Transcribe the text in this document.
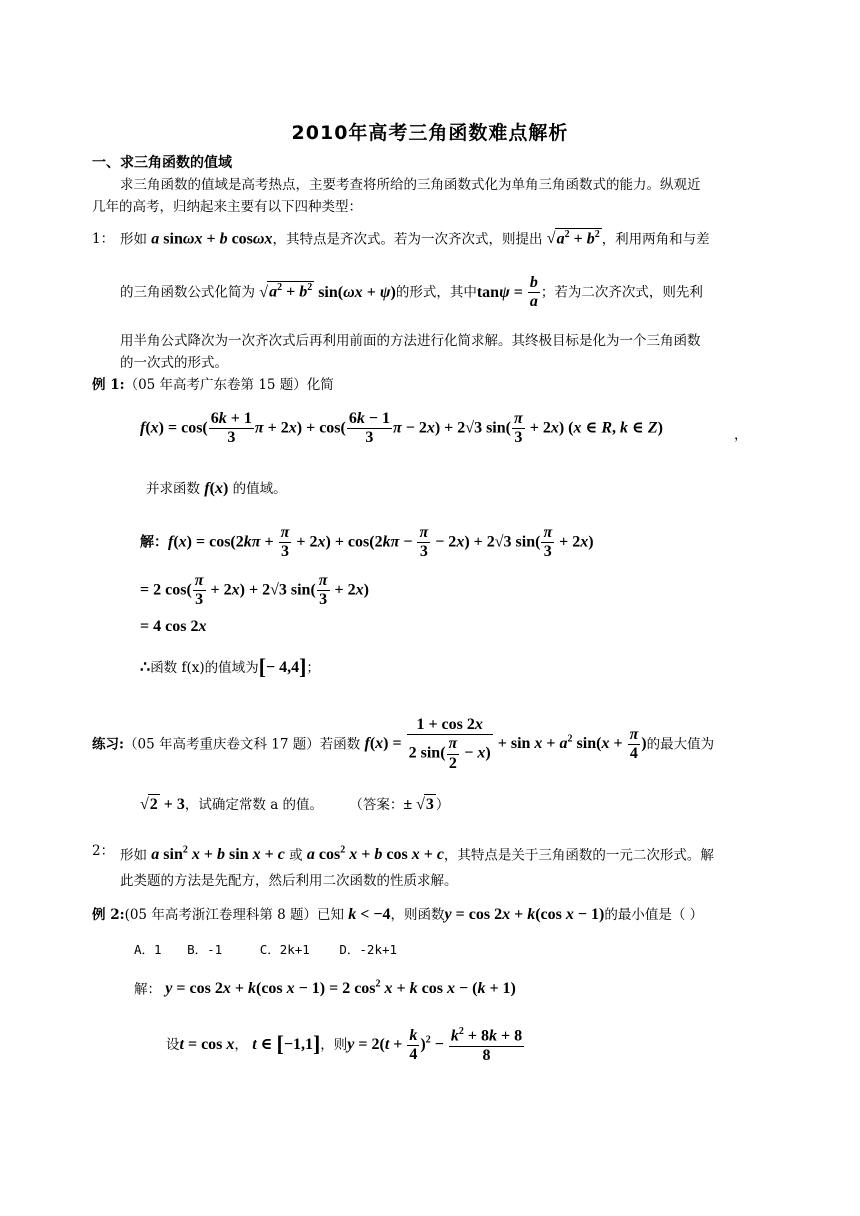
2010年高考三角函数难点解析
一、求三角函数的值域
求三角函数的值域是高考热点，主要考查将所给的三角函数式化为单角三角函数式的能力。纵观近
几年的高考，归纳起来主要有以下四种类型：
1： 形如 a sinωx + b cosωx，其特点是齐次式。若为一次齐次式，则提出 $√a^2 + b^2$ ，利用两角和与差
的三角函数公式化简为 $√a^2 + b^2$ sin(ωx + ψ)的形式，其中$\tan\psi = \frac{b}{a}$ ；若为二次齐次式，则先利
用半角公式降次为一次齐次式后再利用前面的方法进行化简求解。其终极目标是化为一个三角函数
的一次式的形式。
例 1:（05 年高考广东卷第 15 题）化简
$f(x) = \cos( \frac{6k + 1}{3}$ $\pi + 2x) + \cos( \frac{6k - 1}{3}$ π − 2x) + 2√3 $\sin( \frac{\pi}{3} + 2x)$ (x ∈ R, k ∈ Z)	，
并求函数 f(x) 的值域。
解：$f(x) = \cos(2k\pi + \frac{\pi}{3} + 2x) + \cos(2k\pi - \frac{\pi}{3} - 2x) + 2√3$ $\sin( \frac{\pi}{3} + 2x)$
= 2 $\cos( \frac{\pi}{3} + 2x) + 2√3$ $\sin( \frac{\pi}{3} + 2x)$
= 4 cos 2x
∴函数 f(x)的值域为[− 4,4]；
练习:（05 年高考重庆卷文科 17 题）若函数 $f(x) = \frac{1 + \cos 2x}{2 \sin( \frac{\pi}{2} - x)} + \sin x + a^2$ $\sin(x + \frac{\pi}{4}$ )的最大值为
√2 + 3，试确定常数 a 的值。 （答案：± √3 ）
2： 形如 a $\sin^2 x + b$ sin x + c 或 a $\cos^2 x + b$ cos x + c，其特点是关于三角函数的一元二次形式。解
此类题的方法是先配方，然后利用二次函数的性质求解。
例 2:(05 年高考浙江卷理科第 8 题）已知 k < −4，则函数y = cos 2x + k(cos x − 1)的最小值是（ ）
A．1 B．-1	C．2k+1 D．-2k+1
解： y = cos 2x + k(cos x − 1) = 2 $\cos^2 x + k$ cos x − (k + 1)
设t = cos x， t ∈ [−1,1]，则$y = 2(t + \frac{k}{4} )^2 - \frac{k^2 + 8k + 8}{8}$
